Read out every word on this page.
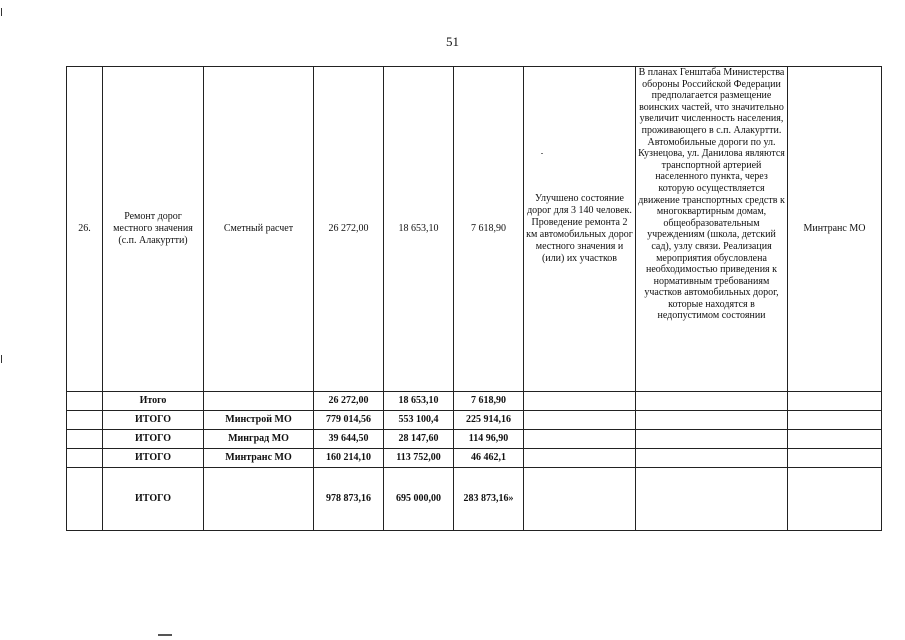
51
26.	Ремонт дорог местного значения (с.п. Алакуртти)	Сметный расчет	26 272,00	18 653,10	7 618,90	Улучшено состояние дорог для 3 140 человек. Проведение ремонта 2 км автомобильных дорог местного значения и (или) их участков	В планах Генштаба Министерства обороны Российской Федерации предполагается размещение воинских частей, что значительно увеличит численность населения, проживающего в с.п. Алакуртти. Автомобильные дороги по ул. Кузнецова, ул. Данилова являются транспортной артерией населенного пункта, через которую осуществляется движение транспортных средств к многоквартирным домам, общеобразовательным учреждениям (школа, детский сад), узлу связи. Реализация мероприятия обусловлена необходимостью приведения к нормативным требованиям участков автомобильных дорог, которые находятся в недопустимом состоянии	Минтранс МО
	Итого		26 272,00	18 653,10	7 618,90			
	ИТОГО	Минстрой МО	779 014,56	553 100,4	225 914,16			
	ИТОГО	Минград МО	39 644,50	28 147,60	114 96,90			
	ИТОГО	Минтранс МО	160 214,10	113 752,00	46 462,1			
	ИТОГО		978 873,16	695 000,00	283 873,16»			
